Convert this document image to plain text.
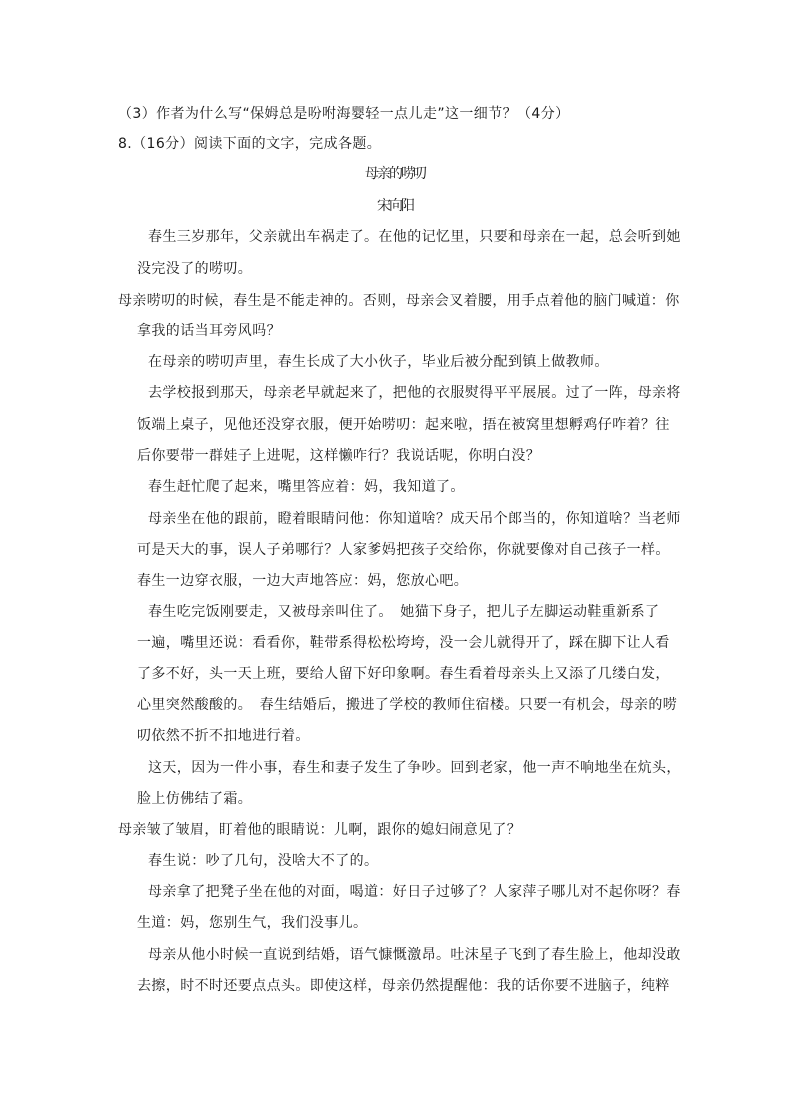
（3）作者为什么写“保姆总是吩咐海婴轻一点儿走”这一细节？（4分）
8.（16分）阅读下面的文字，完成各题。
母亲的唠叨
宋向阳
春生三岁那年，父亲就出车祸走了。在他的记忆里，只要和母亲在一起，总会听到她
没完没了的唠叨。
母亲唠叨的时候，春生是不能走神的。否则，母亲会叉着腰，用手点着他的脑门喊道：你
拿我的话当耳旁风吗？
在母亲的唠叨声里，春生长成了大小伙子，毕业后被分配到镇上做教师。
去学校报到那天，母亲老早就起来了，把他的衣服熨得平平展展。过了一阵，母亲将
饭端上桌子，见他还没穿衣服，便开始唠叨：起来啦，捂在被窝里想孵鸡仔咋着？往
后你要带一群娃子上进呢，这样懒咋行？我说话呢，你明白没？
春生赶忙爬了起来，嘴里答应着：妈，我知道了。
母亲坐在他的跟前，瞪着眼睛问他：你知道啥？成天吊个郎当的，你知道啥？当老师
可是天大的事，误人子弟哪行？人家爹妈把孩子交给你，你就要像对自己孩子一样。
春生一边穿衣服，一边大声地答应：妈，您放心吧。
春生吃完饭刚要走，又被母亲叫住了。　她猫下身子，把儿子左脚运动鞋重新系了
一遍，嘴里还说：看看你，鞋带系得松松垮垮，没一会儿就得开了，踩在脚下让人看
了多不好，头一天上班，要给人留下好印象啊。春生看着母亲头上又添了几缕白发，
心里突然酸酸的。　春生结婚后，搬进了学校的教师住宿楼。只要一有机会，母亲的唠
叨依然不折不扣地进行着。
这天，因为一件小事，春生和妻子发生了争吵。回到老家，他一声不响地坐在炕头，
脸上仿佛结了霜。
母亲皱了皱眉，盯着他的眼睛说：儿啊，跟你的媳妇闹意见了？
春生说：吵了几句，没啥大不了的。
母亲拿了把凳子坐在他的对面，喝道：好日子过够了？人家萍子哪儿对不起你呀？春
生道：妈，您别生气，我们没事儿。
母亲从他小时候一直说到结婚，语气慷慨激昂。吐沫星子飞到了春生脸上，他却没敢
去擦，时不时还要点点头。即使这样，母亲仍然提醒他：我的话你要不进脑子，纯粹
